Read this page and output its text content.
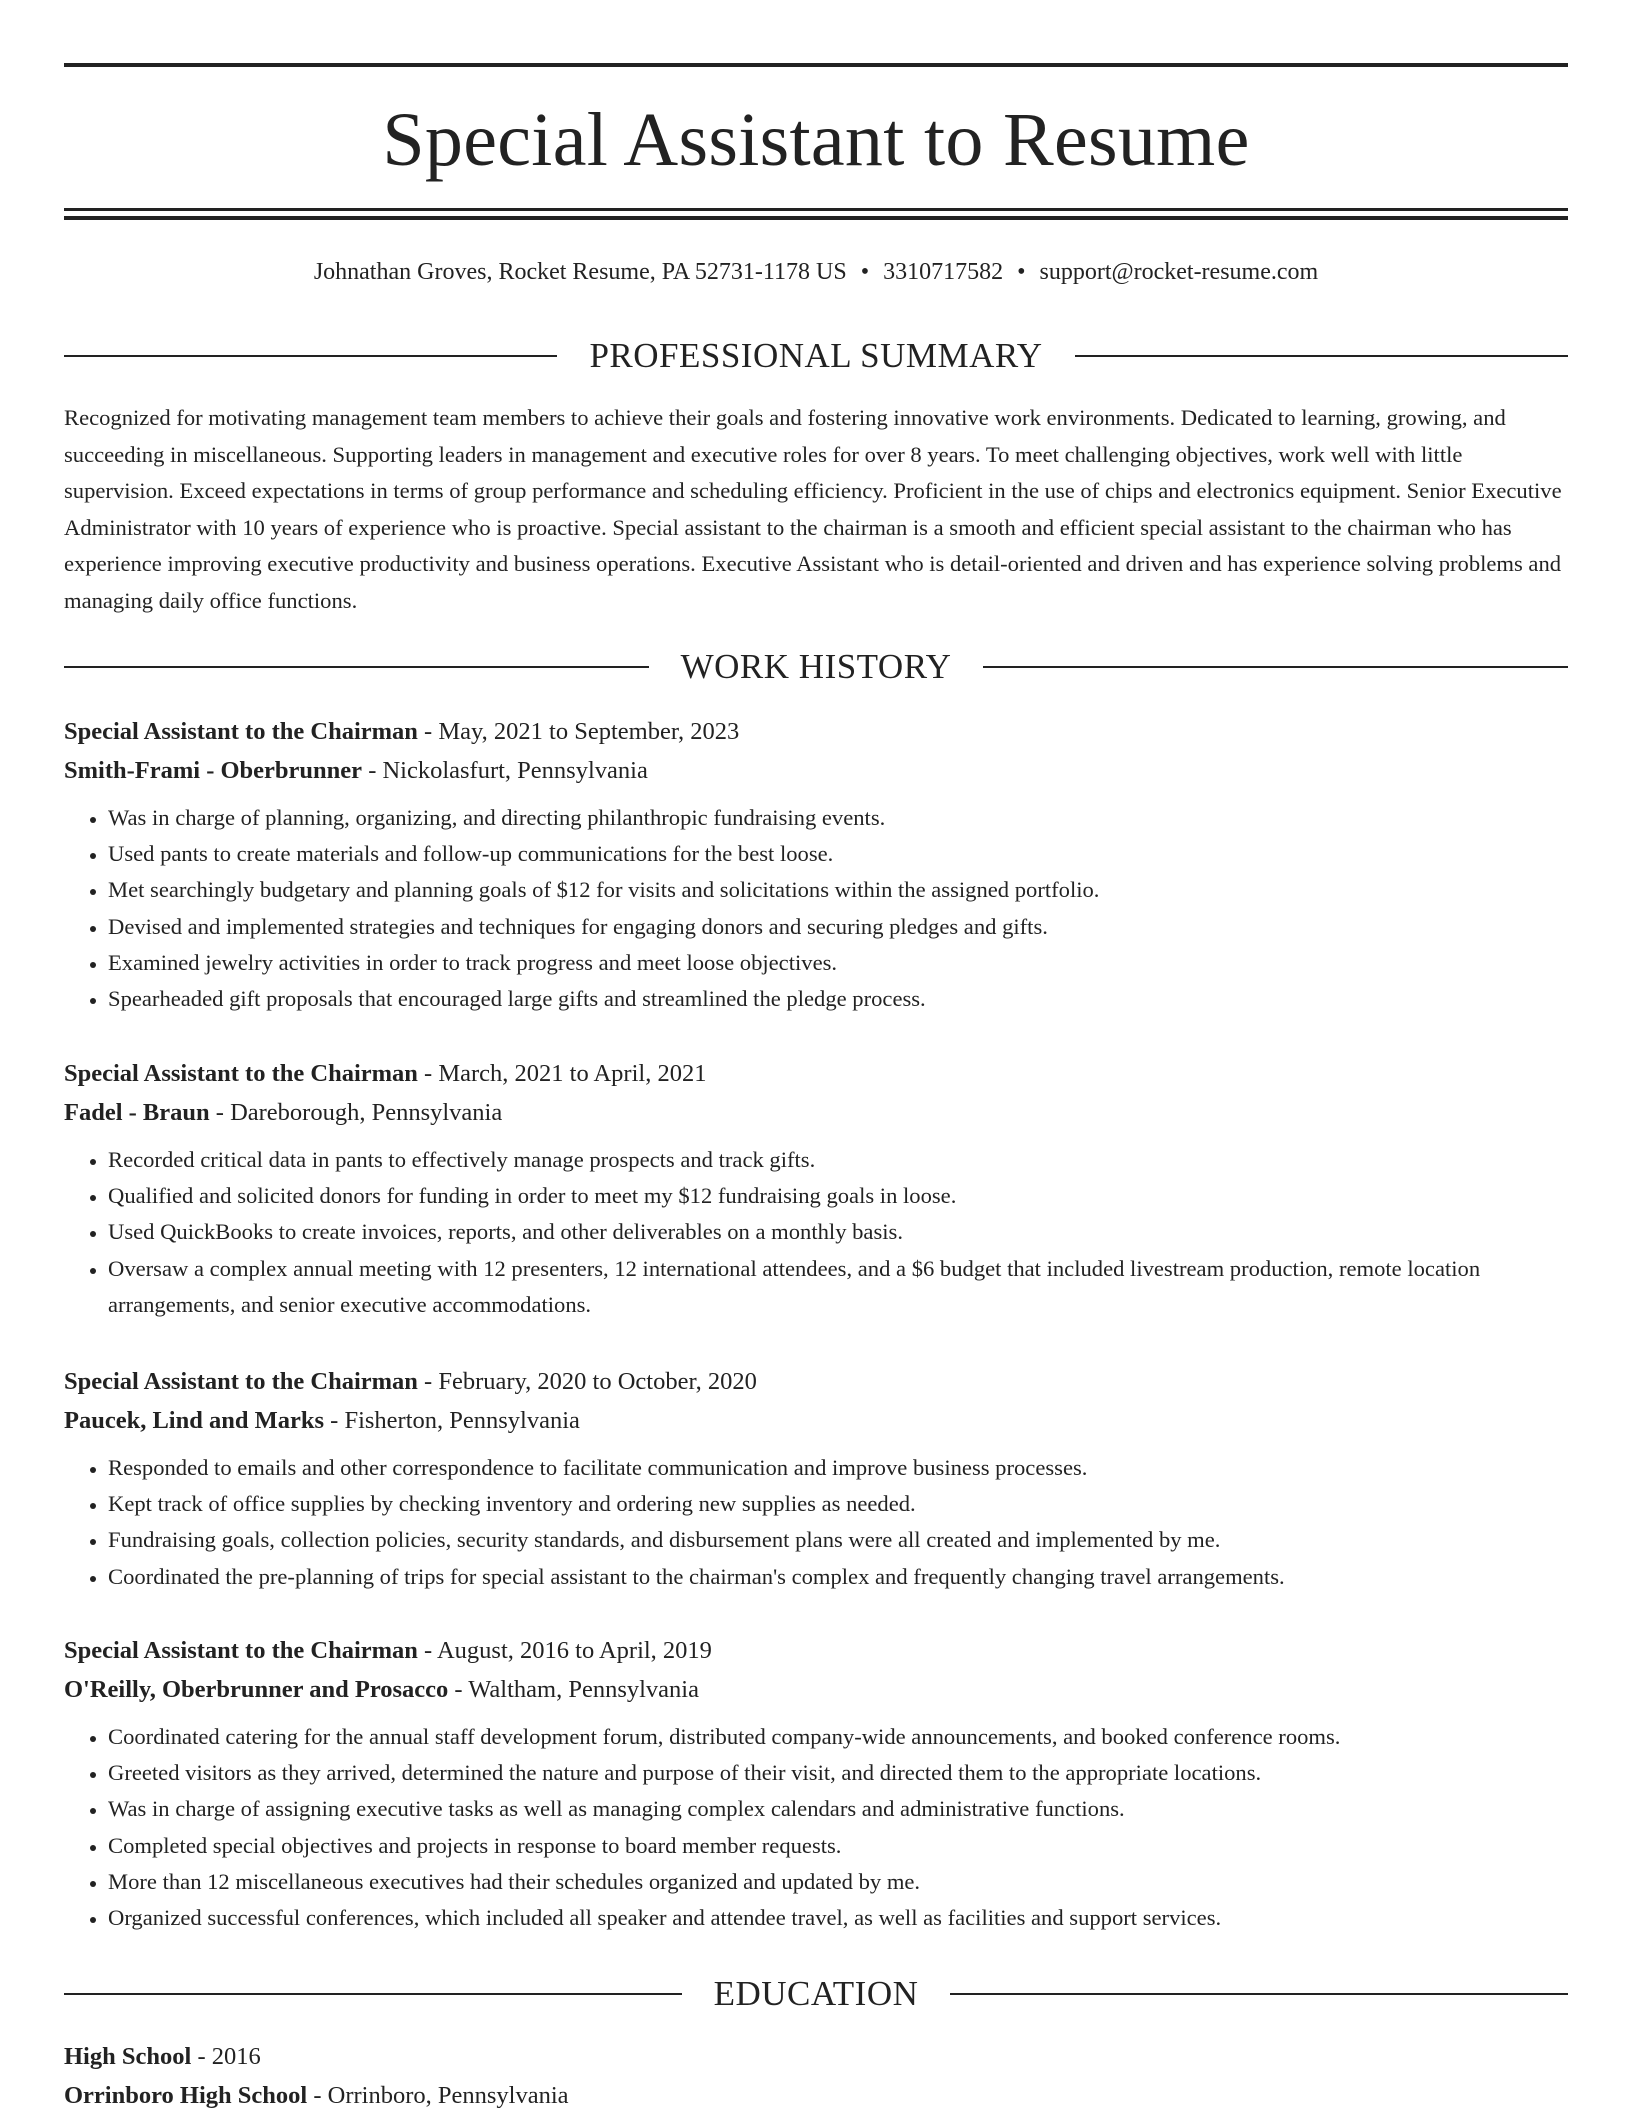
Special Assistant to Resume
Johnathan Groves, Rocket Resume, PA 52731-1178 US • 3310717582 • support@rocket-resume.com
PROFESSIONAL SUMMARY

Recognized for motivating management team members to achieve their goals and fostering innovative work environments. Dedicated to learning, growing, and succeeding in miscellaneous. Supporting leaders in management and executive roles for over 8 years. To meet challenging objectives, work well with little supervision. Exceed expectations in terms of group performance and scheduling efficiency. Proficient in the use of chips and electronics equipment. Senior Executive Administrator with 10 years of experience who is proactive. Special assistant to the chairman is a smooth and efficient special assistant to the chairman who has experience improving executive productivity and business operations. Executive Assistant who is detail-oriented and driven and has experience solving problems and managing daily office functions.

WORK HISTORY
Special Assistant to the Chairman - May, 2021 to September, 2023
Smith-Frami - Oberbrunner - Nickolasfurt, Pennsylvania
• Was in charge of planning, organizing, and directing philanthropic fundraising events.
• Used pants to create materials and follow-up communications for the best loose.
• Met searchingly budgetary and planning goals of $12 for visits and solicitations within the assigned portfolio.
• Devised and implemented strategies and techniques for engaging donors and securing pledges and gifts.
• Examined jewelry activities in order to track progress and meet loose objectives.
• Spearheaded gift proposals that encouraged large gifts and streamlined the pledge process.
Special Assistant to the Chairman - March, 2021 to April, 2021
Fadel - Braun - Dareborough, Pennsylvania
• Recorded critical data in pants to effectively manage prospects and track gifts.
• Qualified and solicited donors for funding in order to meet my $12 fundraising goals in loose.
• Used QuickBooks to create invoices, reports, and other deliverables on a monthly basis.
• Oversaw a complex annual meeting with 12 presenters, 12 international attendees, and a $6 budget that included livestream production, remote location arrangements, and senior executive accommodations.
Special Assistant to the Chairman - February, 2020 to October, 2020
Paucek, Lind and Marks - Fisherton, Pennsylvania
• Responded to emails and other correspondence to facilitate communication and improve business processes.
• Kept track of office supplies by checking inventory and ordering new supplies as needed.
• Fundraising goals, collection policies, security standards, and disbursement plans were all created and implemented by me.
• Coordinated the pre-planning of trips for special assistant to the chairman's complex and frequently changing travel arrangements.
Special Assistant to the Chairman - August, 2016 to April, 2019
O'Reilly, Oberbrunner and Prosacco - Waltham, Pennsylvania
• Coordinated catering for the annual staff development forum, distributed company-wide announcements, and booked conference rooms.
• Greeted visitors as they arrived, determined the nature and purpose of their visit, and directed them to the appropriate locations.
• Was in charge of assigning executive tasks as well as managing complex calendars and administrative functions.
• Completed special objectives and projects in response to board member requests.
• More than 12 miscellaneous executives had their schedules organized and updated by me.
• Organized successful conferences, which included all speaker and attendee travel, as well as facilities and support services.
EDUCATION
High School - 2016
Orrinboro High School - Orrinboro, Pennsylvania
